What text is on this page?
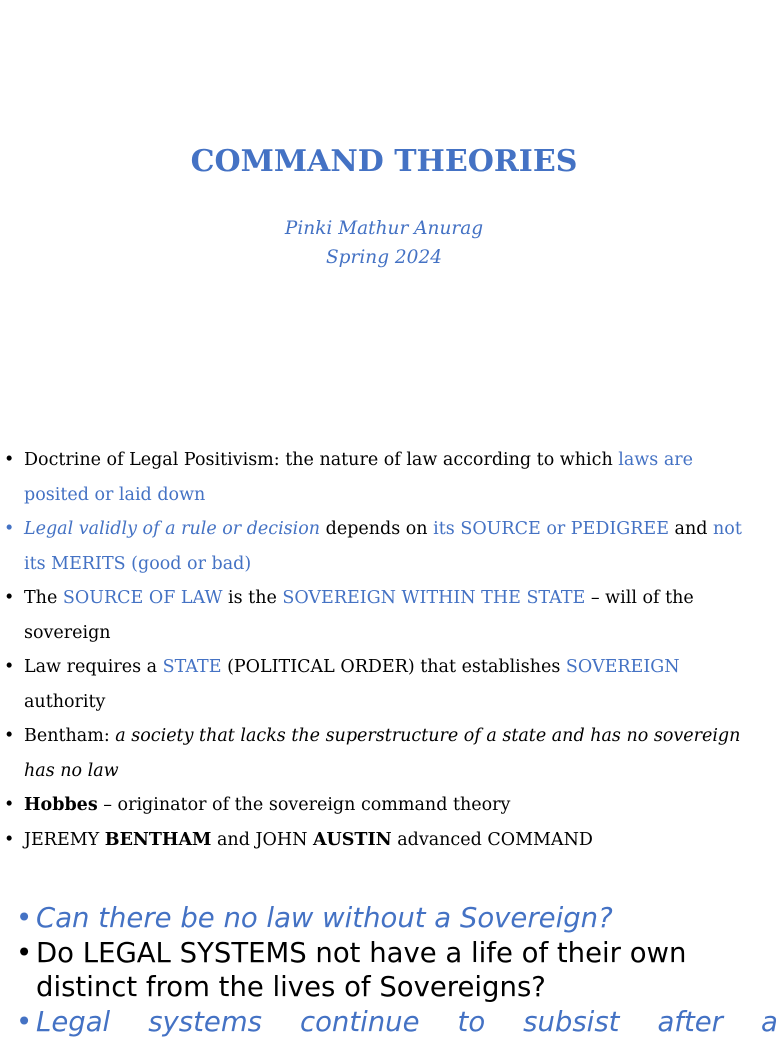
COMMAND THEORIES
Pinki Mathur Anurag
Spring 2024
• Doctrine of Legal Positivism: the nature of law according to which laws are posited or laid down
• Legal validly of a rule or decision depends on its SOURCE or PEDIGREE and not its MERITS (good or bad)
• The SOURCE OF LAW is the SOVEREIGN WITHIN THE STATE – will of the sovereign
• Law requires a STATE (POLITICAL ORDER) that establishes SOVEREIGN authority
• Bentham: a society that lacks the superstructure of a state and has no sovereign has no law
• Hobbes – originator of the sovereign command theory
• JEREMY BENTHAM and JOHN AUSTIN advanced COMMAND
• Can there be no law without a Sovereign?
• Do LEGAL SYSTEMS not have a life of their own distinct from the lives of Sovereigns?
• Legal systems continue to subsist after a
